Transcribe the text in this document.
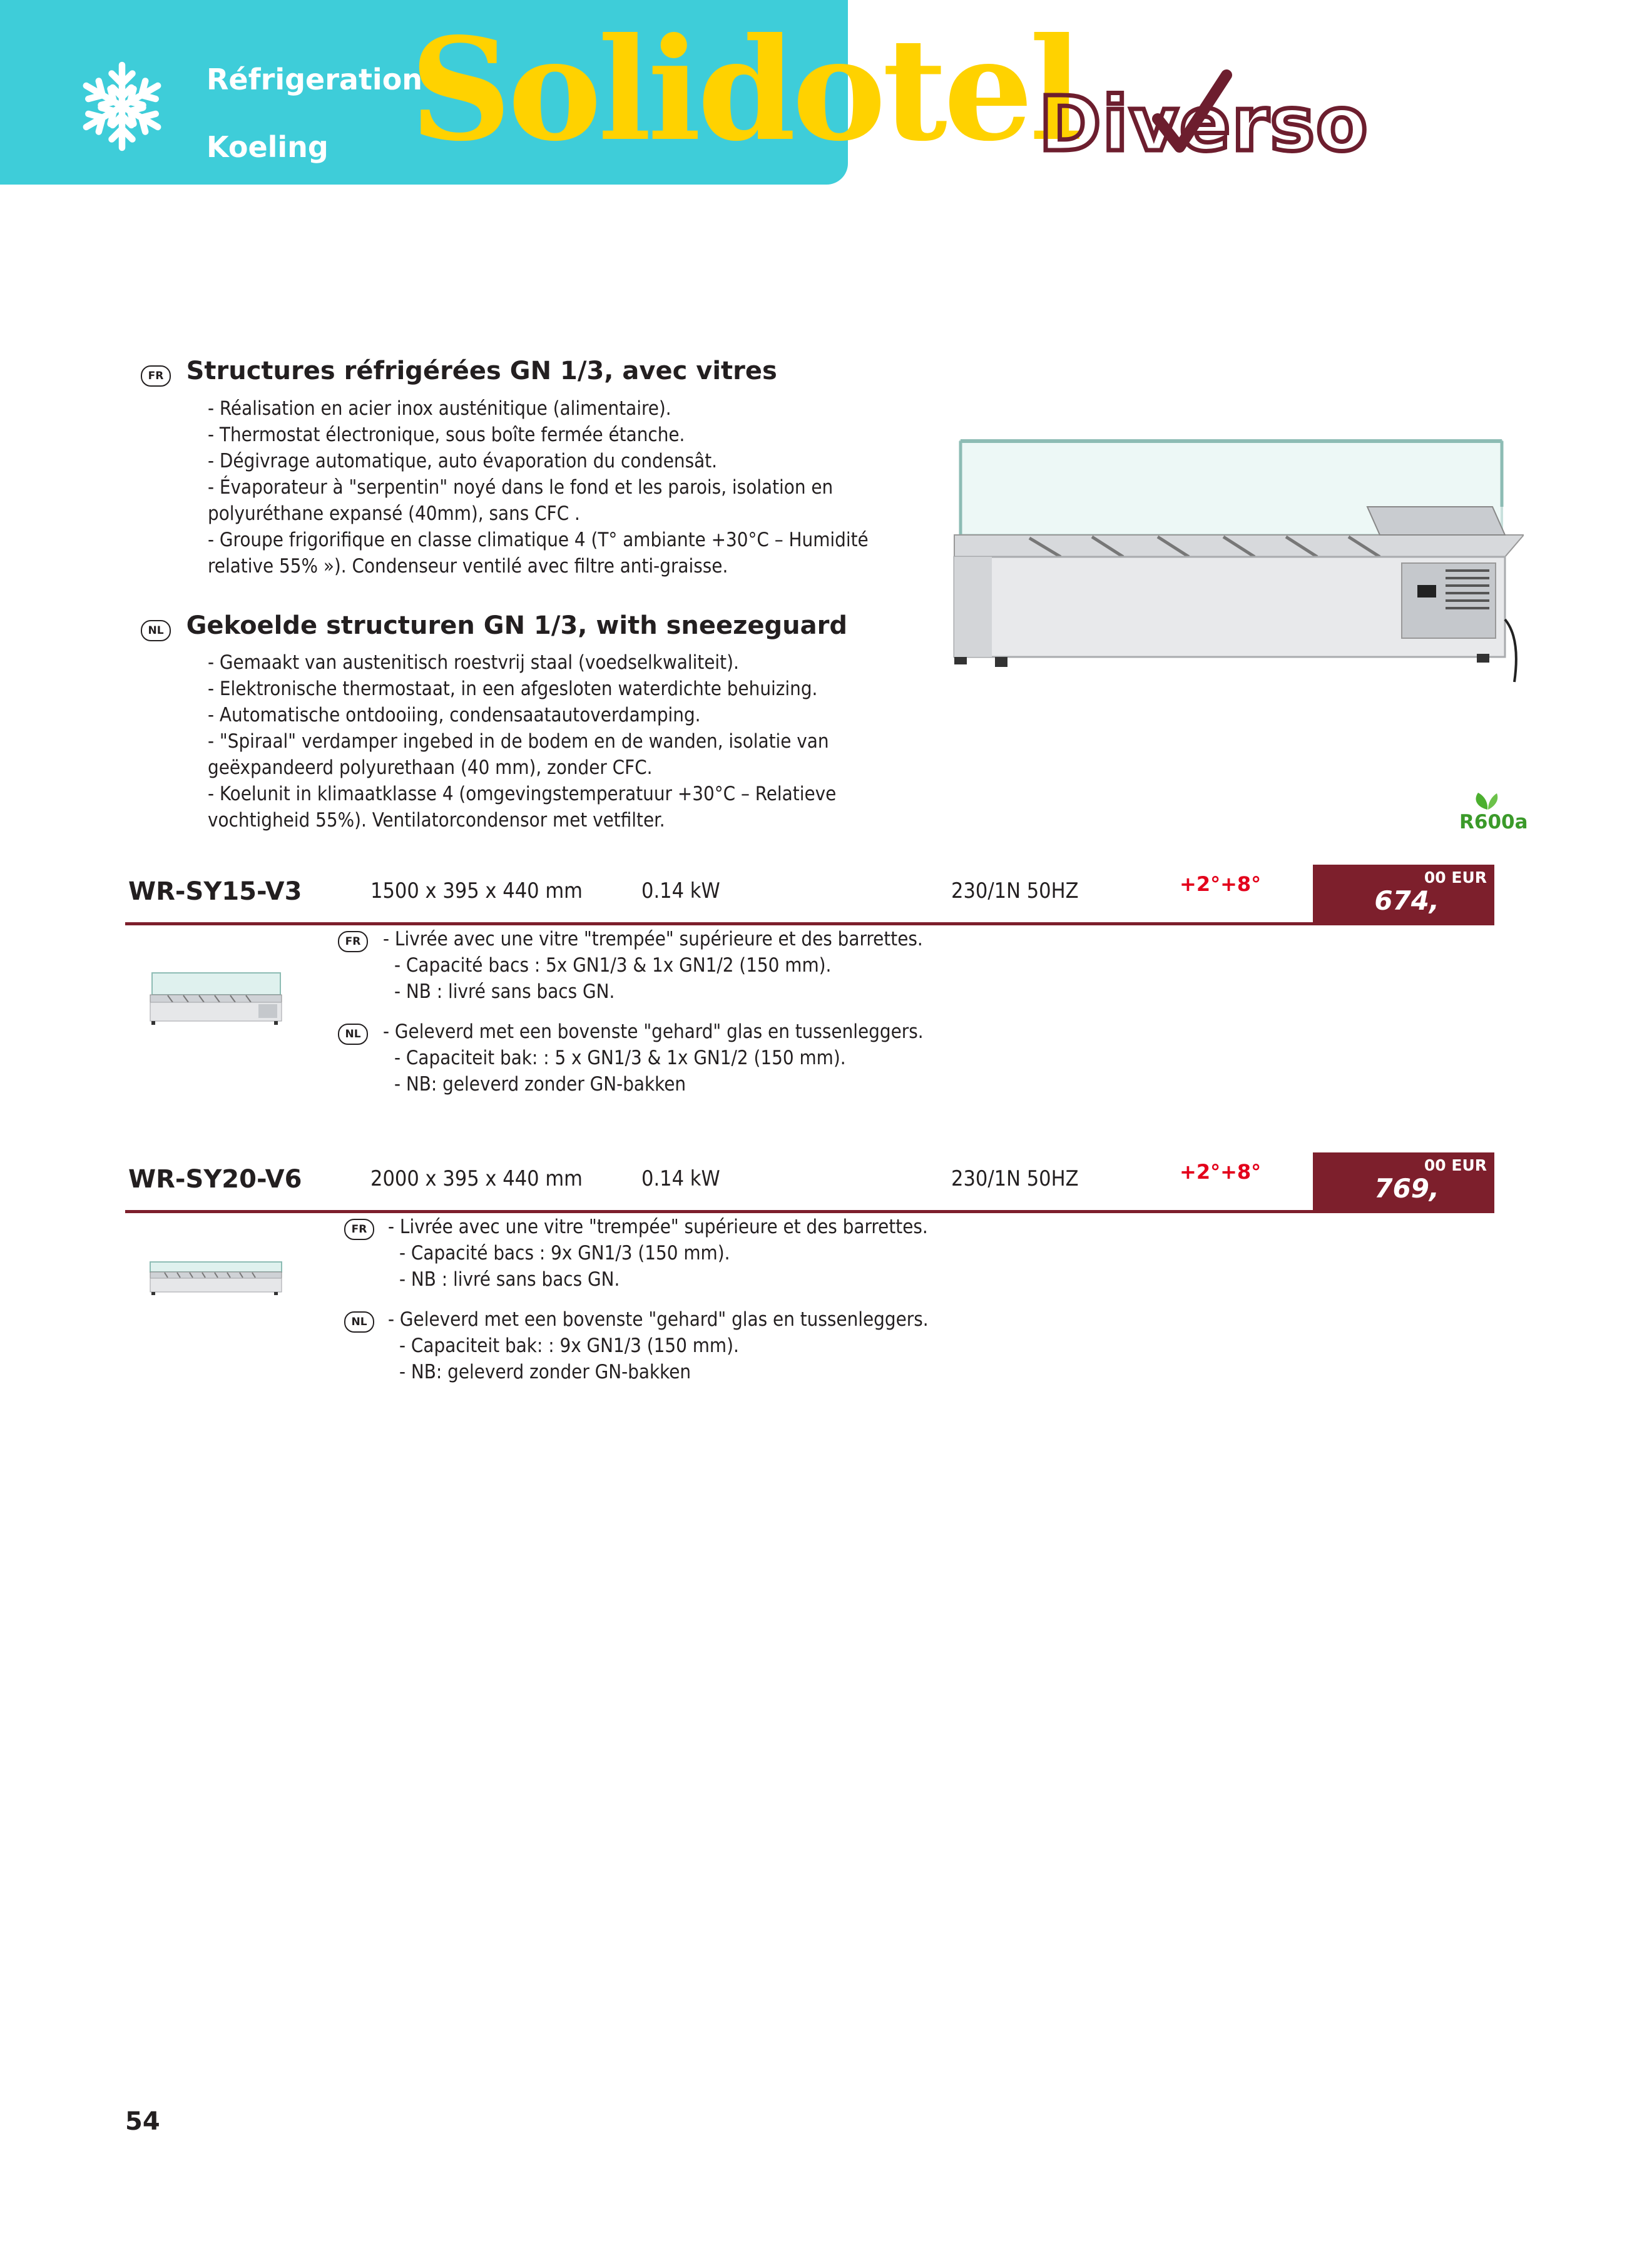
Réfrigeration
Koeling Solidotel
Diverso
FR Structures réfrigérées GN 1/3, avec vitres
- Réalisation en acier inox austénitique (alimentaire).
- Thermostat électronique, sous boîte fermée étanche.
- Dégivrage automatique, auto évaporation du condensât.
- Évaporateur à "serpentin" noyé dans le fond et les parois, isolation en
polyuréthane expansé (40mm), sans CFC .
- Groupe frigorifique en classe climatique 4 (T° ambiante +30°C – Humidité
relative 55% »). Condenseur ventilé avec filtre anti-graisse.
NL Gekoelde structuren GN 1/3, with sneezeguard
- Gemaakt van austenitisch roestvrij staal (voedselkwaliteit).
- Elektronische thermostaat, in een afgesloten waterdichte behuizing.
- Automatische ontdooiing, condensaatautoverdamping.
- "Spiraal" verdamper ingebed in de bodem en de wanden, isolatie van
geëxpandeerd polyurethaan (40 mm), zonder CFC.
- Koelunit in klimaatklasse 4 (omgevingstemperatuur +30°C – Relatieve
vochtigheid 55%). Ventilatorcondensor met vetfilter.	R600a
WR-SY15-V3	1500 x 395 x 440 mm	0.14 kW	230/1N 50HZ	+2°+8°
674,
00 EUR
FR	- Livrée avec une vitre "trempée" supérieure et des barrettes.
- Capacité bacs : 5x GN1/3 & 1x GN1/2 (150 mm).
- NB : livré sans bacs GN.
NL	- Geleverd met een bovenste "gehard" glas en tussenleggers.
- Capaciteit bak: : 5 x GN1/3 & 1x GN1/2 (150 mm).
- NB: geleverd zonder GN-bakken
WR-SY20-V6	2000 x 395 x 440 mm	0.14 kW	230/1N 50HZ	+2°+8°
769,
00 EUR
FR	- Livrée avec une vitre "trempée" supérieure et des barrettes.
- Capacité bacs : 9x GN1/3 (150 mm).
- NB : livré sans bacs GN.
NL	- Geleverd met een bovenste "gehard" glas en tussenleggers.
- Capaciteit bak: : 9x GN1/3 (150 mm).
- NB: geleverd zonder GN-bakken
54
